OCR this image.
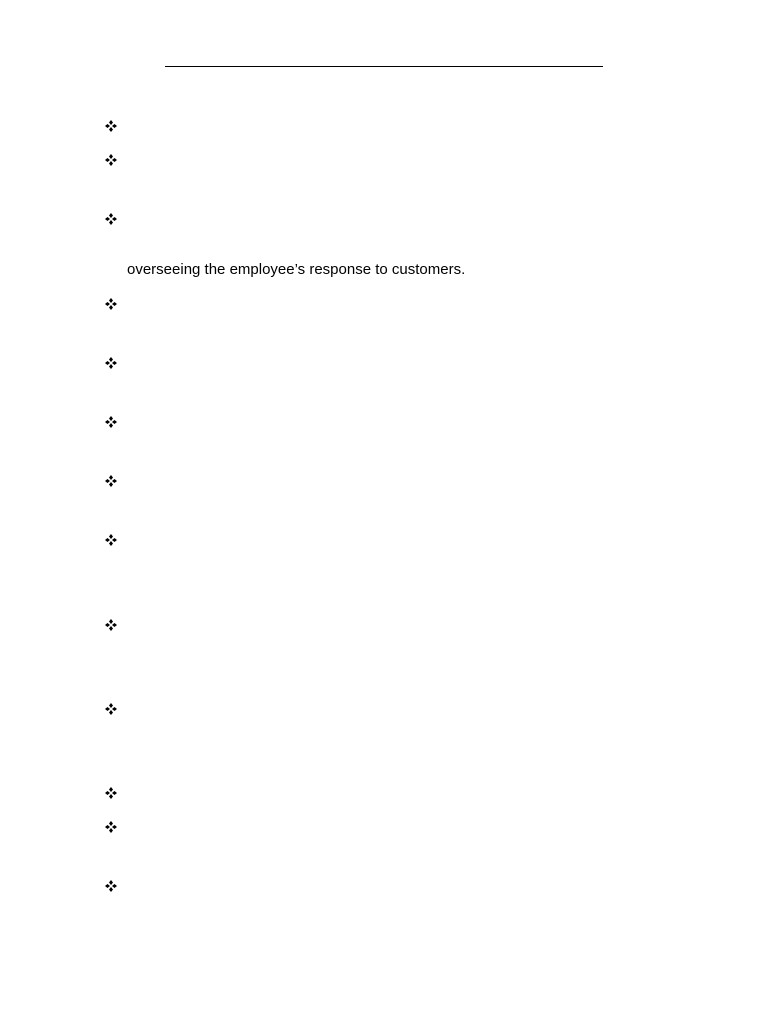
overseeing the employee’s response to customers.
